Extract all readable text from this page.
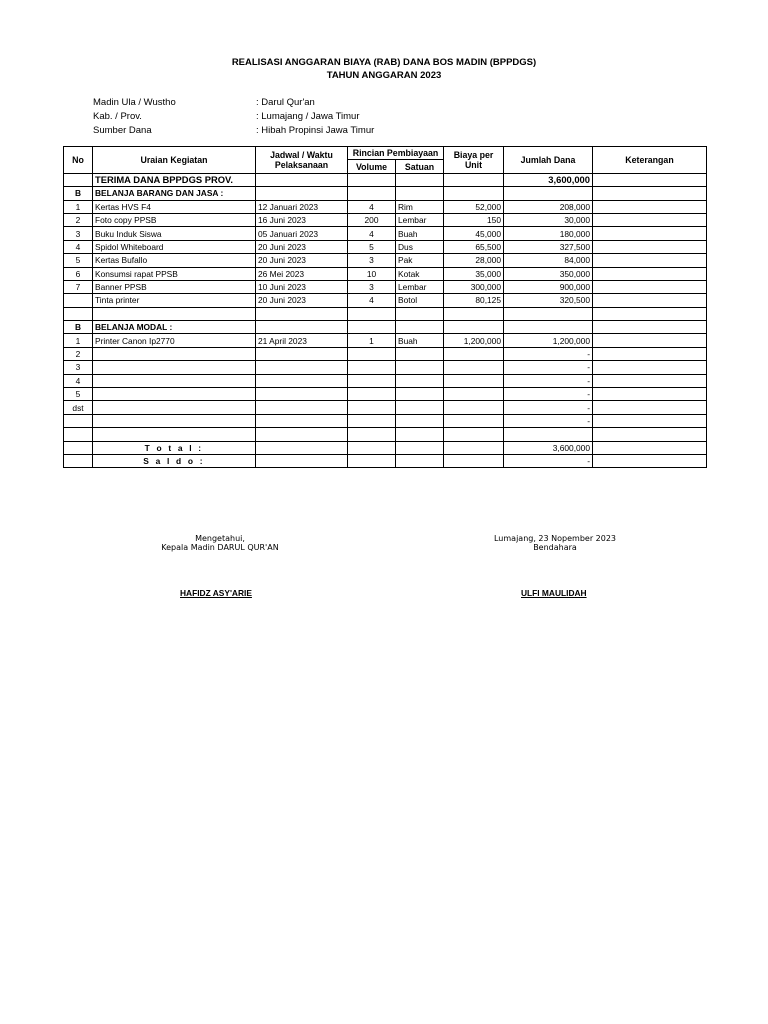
REALISASI ANGGARAN BIAYA (RAB) DANA BOS MADIN (BPPDGS)
TAHUN ANGGARAN 2023
Madin Ula / Wustho	: Darul Qur'an
Kab. / Prov.	: Lumajang / Jawa Timur
Sumber Dana	: Hibah Propinsi Jawa Timur
No	Uraian Kegiatan	Jadwal / Waktu Pelaksanaan	Rincian Pembiayaan		Biaya per Unit	Jumlah Dana	Keterangan
			Volume	Satuan			
	TERIMA DANA BPPDGS PROV.					3,600,000	
B	BELANJA BARANG DAN JASA :						
1	Kertas HVS F4	12 Januari 2023	4	Rim	52,000	208,000	
2	Foto copy PPSB	16 Juni 2023	200	Lembar	150	30,000	
3	Buku Induk Siswa	05 Januari 2023	4	Buah	45,000	180,000	
4	Spidol Whiteboard	20 Juni 2023	5	Dus	65,500	327,500	
5	Kertas Bufallo	20 Juni 2023	3	Pak	28,000	84,000	
6	Konsumsi rapat PPSB	26 Mei 2023	10	Kotak	35,000	350,000	
7	Banner PPSB	10 Juni 2023	3	Lembar	300,000	900,000	
	Tinta printer	20 Juni 2023	4	Botol	80,125	320,500	

B	BELANJA MODAL :						
1	Printer Canon Ip2770	21 April 2023	1	Buah	1,200,000	1,200,000	
2						-	
3						-	
4						-	
5						-	
dst						-	
						-	

	T o t a l :					3,600,000	
	S a l d o :					-	
Mengetahui,
Kepala Madin DARUL QUR'AN
HAFIDZ ASY'ARIE
Lumajang, 23 Nopember 2023
Bendahara
ULFI MAULIDAH
